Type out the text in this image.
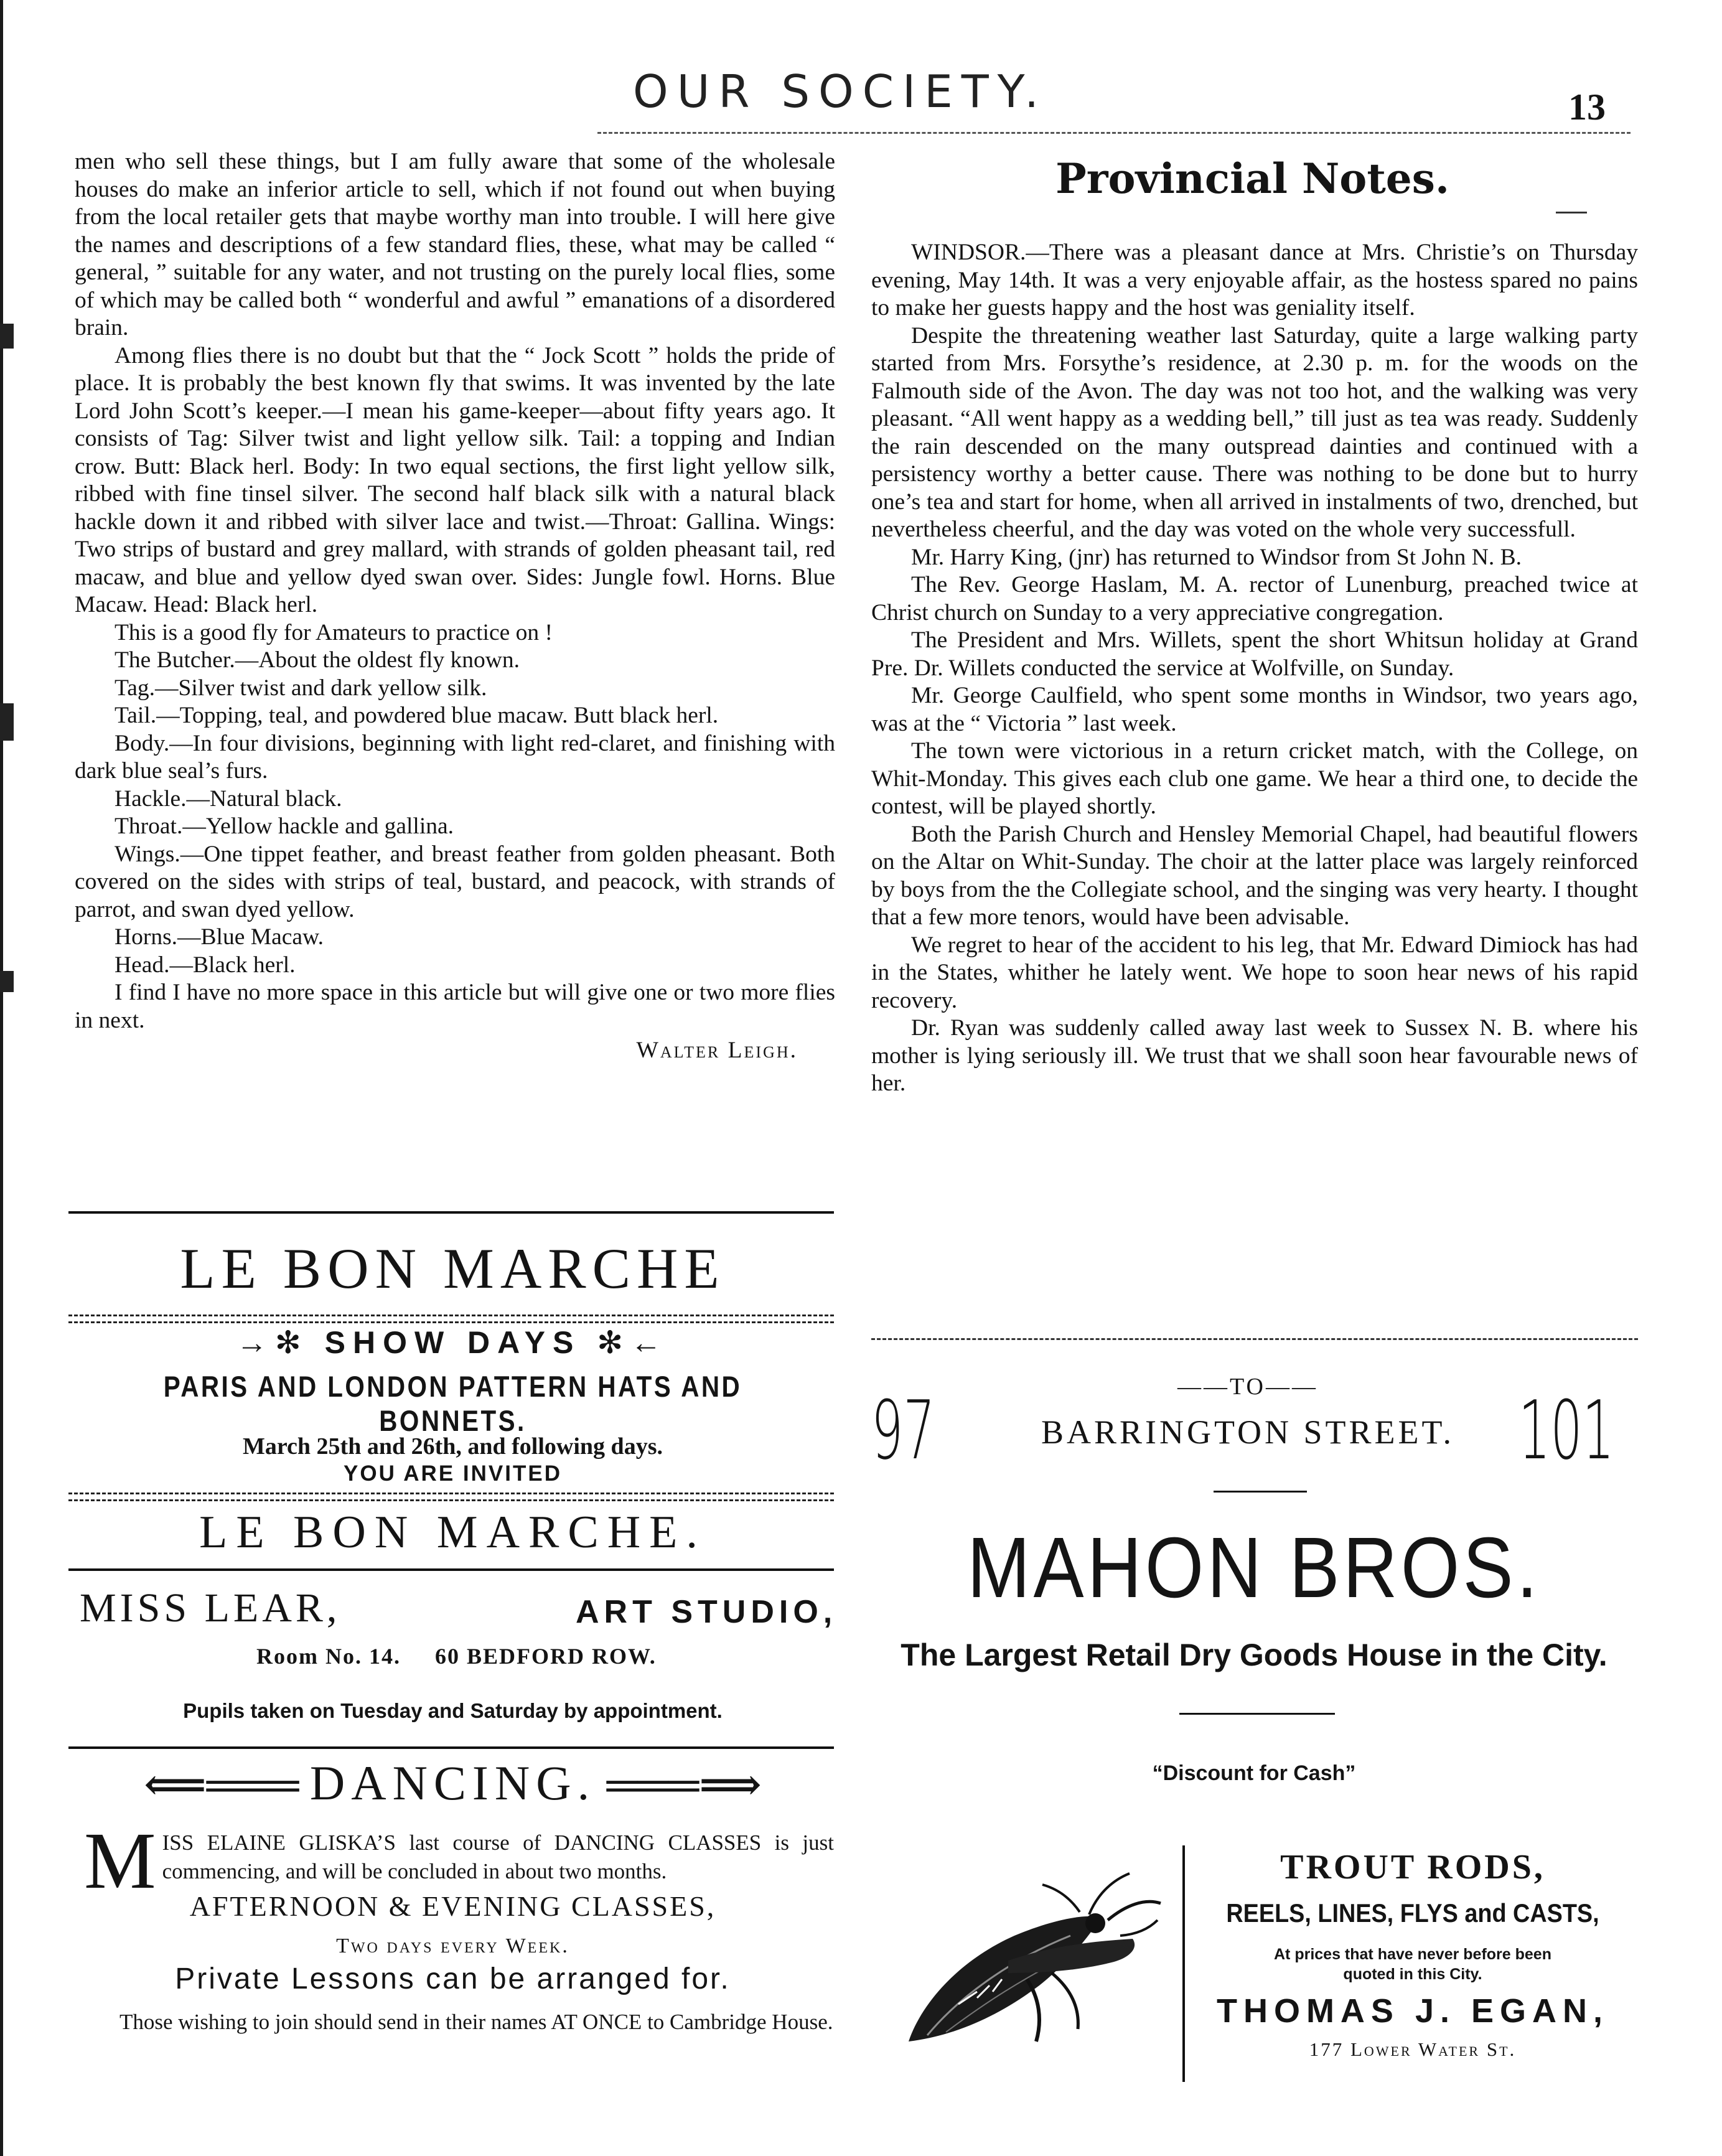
OUR SOCIETY.	13

men who sell these things, but I am fully aware that some of the wholesale houses do make an inferior article to sell, which if not found out when buying from the local retailer gets that maybe worthy man into trouble. I will here give the names and descriptions of a few standard flies, these, what may be called “ general, ” suitable for any water, and not trusting on the purely local flies, some of which may be called both “ wonderful and awful ” emanations of a disordered brain.

Among flies there is no doubt but that the “ Jock Scott ” holds the pride of place. It is probably the best known fly that swims. It was invented by the late Lord John Scott’s keeper.—I mean his game-keeper—about fifty years ago. It consists of Tag: Silver twist and light yellow silk. Tail: a topping and Indian crow. Butt: Black herl. Body: In two equal sections, the first light yellow silk, ribbed with fine tinsel silver. The second half black silk with a natural black hackle down it and ribbed with silver lace and twist.—Throat: Gallina. Wings: Two strips of bustard and grey mallard, with strands of golden pheasant tail, red macaw, and blue and yellow dyed swan over. Sides: Jungle fowl. Horns. Blue Macaw. Head: Black herl.

This is a good fly for Amateurs to practice on !

The Butcher.—About the oldest fly known.

Tag.—Silver twist and dark yellow silk.

Tail.—Topping, teal, and powdered blue macaw. Butt black herl.

Body.—In four divisions, beginning with light red-claret, and finishing with dark blue seal’s furs.

Hackle.—Natural black.

Throat.—Yellow hackle and gallina.

Wings.—One tippet feather, and breast feather from golden pheasant. Both covered on the sides with strips of teal, bustard, and peacock, with strands of parrot, and swan dyed yellow.

Horns.—Blue Macaw.

Head.—Black herl.

I find I have no more space in this article but will give one or two more flies in next.

Walter Leigh.
LE BON MARCHE
→✻ SHOW DAYS ✻←
PARIS AND LONDON PATTERN HATS AND BONNETS.
March 25th and 26th, and following days.
YOU ARE INVITED
LE BON MARCHE.
MISS LEAR,	ART STUDIO,
Room No. 14.     60 BEDFORD ROW.
Pupils taken on Tuesday and Saturday by appointment.
⟸═══ DANCING. ═══⟹
MISS ELAINE GLISKA’S last course of DANCING CLASSES is just commencing, and will be concluded in about two months.
AFTERNOON & EVENING CLASSES,
Two days every Week.
Private Lessons can be arranged for.
Those wishing to join should send in their names AT ONCE to Cambridge House.
Provincial Notes.

WINDSOR.—There was a pleasant dance at Mrs. Christie’s on Thursday evening, May 14th. It was a very enjoyable affair, as the hostess spared no pains to make her guests happy and the host was geniality itself.

Despite the threatening weather last Saturday, quite a large walking party started from Mrs. Forsythe’s residence, at 2.30 p. m. for the woods on the Falmouth side of the Avon. The day was not too hot, and the walking was very pleasant. “All went happy as a wedding bell,” till just as tea was ready. Suddenly the rain descended on the many outspread dainties and continued with a persistency worthy a better cause. There was nothing to be done but to hurry one’s tea and start for home, when all arrived in instalments of two, drenched, but nevertheless cheerful, and the day was voted on the whole very successfull.

Mr. Harry King, (jnr) has returned to Windsor from St John N. B.

The Rev. George Haslam, M. A. rector of Lunenburg, preached twice at Christ church on Sunday to a very appreciative congregation.

The President and Mrs. Willets, spent the short Whitsun holiday at Grand Pre. Dr. Willets conducted the service at Wolfville, on Sunday.

Mr. George Caulfield, who spent some months in Windsor, two years ago, was at the “ Victoria ” last week.

The town were victorious in a return cricket match, with the College, on Whit-Monday. This gives each club one game. We hear a third one, to decide the contest, will be played shortly.

Both the Parish Church and Hensley Memorial Chapel, had beautiful flowers on the Altar on Whit-Sunday. The choir at the latter place was largely reinforced by boys from the the Collegiate school, and the singing was very hearty. I thought that a few more tenors, would have been advisable.

We regret to hear of the accident to his leg, that Mr. Edward Dimiock has had in the States, whither he lately went. We hope to soon hear news of his rapid recovery.

Dr. Ryan was suddenly called away last week to Sussex N. B. where his mother is lying seriously ill. We trust that we shall soon hear favourable news of her.

97	——TO——
BARRINGTON STREET. 101
MAHON BROS.
The Largest Retail Dry Goods House in the City.
“Discount for Cash”
TROUT RODS,
REELS, LINES, FLYS and CASTS,
At prices that have never before been quoted in this City.
THOMAS J. EGAN,
177 Lower Water St.
